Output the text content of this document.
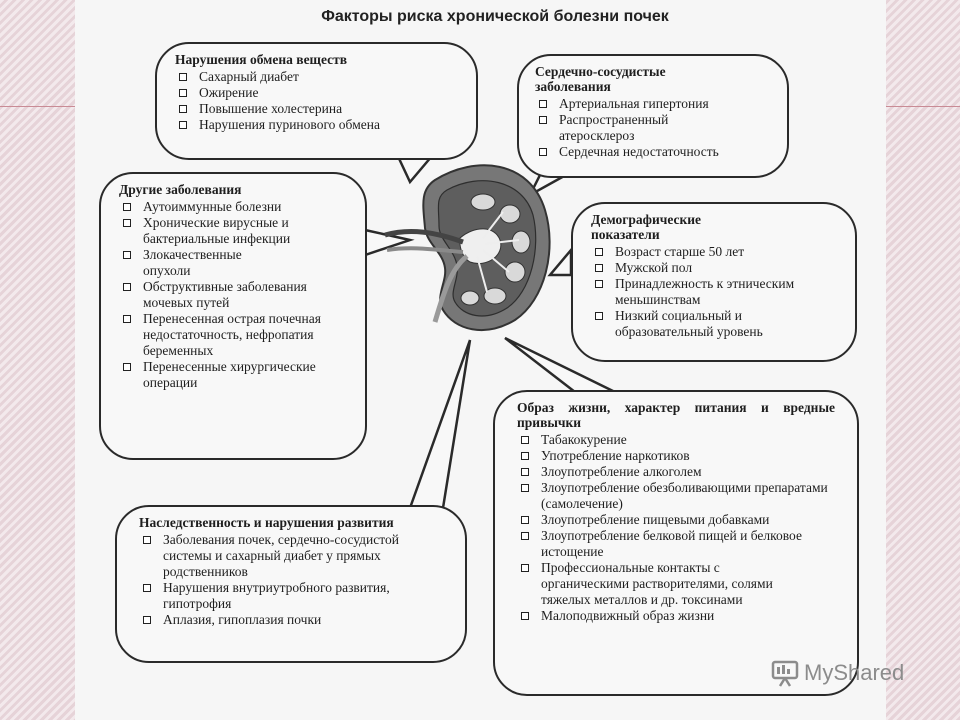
Факторы риска хронической болезни почек
Нарушения обмена веществ
Сахарный диабет
Ожирение
Повышение холестерина
Нарушения пуринового обмена
Сердечно-сосудистые заболевания
Артериальная гипертония
Распространенный атеросклероз
Сердечная недостаточность
Другие заболевания
Аутоиммунные болезни
Хронические вирусные и бактериальные инфекции
Злокачественные опухоли
Обструктивные заболевания мочевых путей
Перенесенная острая почечная недостаточность, нефропатия беременных
Перенесенные хирургические операции
Демографические показатели
Возраст старше 50 лет
Мужской пол
Принадлежность к этническим меньшинствам
Низкий социальный и образовательный уровень
Образ жизни, характер питания и вредные привычки
Табакокурение
Употребление наркотиков
Злоупотребление алкоголем
Злоупотребление обезболивающими препаратами (самолечение)
Злоупотребление пищевыми добавками
Злоупотребление белковой пищей и белковое истощение
Профессиональные контакты с органическими растворителями, солями тяжелых металлов и др. токсинами
Малоподвижный образ жизни
Наследственность и нарушения развития
Заболевания почек, сердечно-сосудистой системы и сахарный диабет у прямых родственников
Нарушения внутриутробного развития, гипотрофия
Аплазия, гипоплазия почки
MyShared
